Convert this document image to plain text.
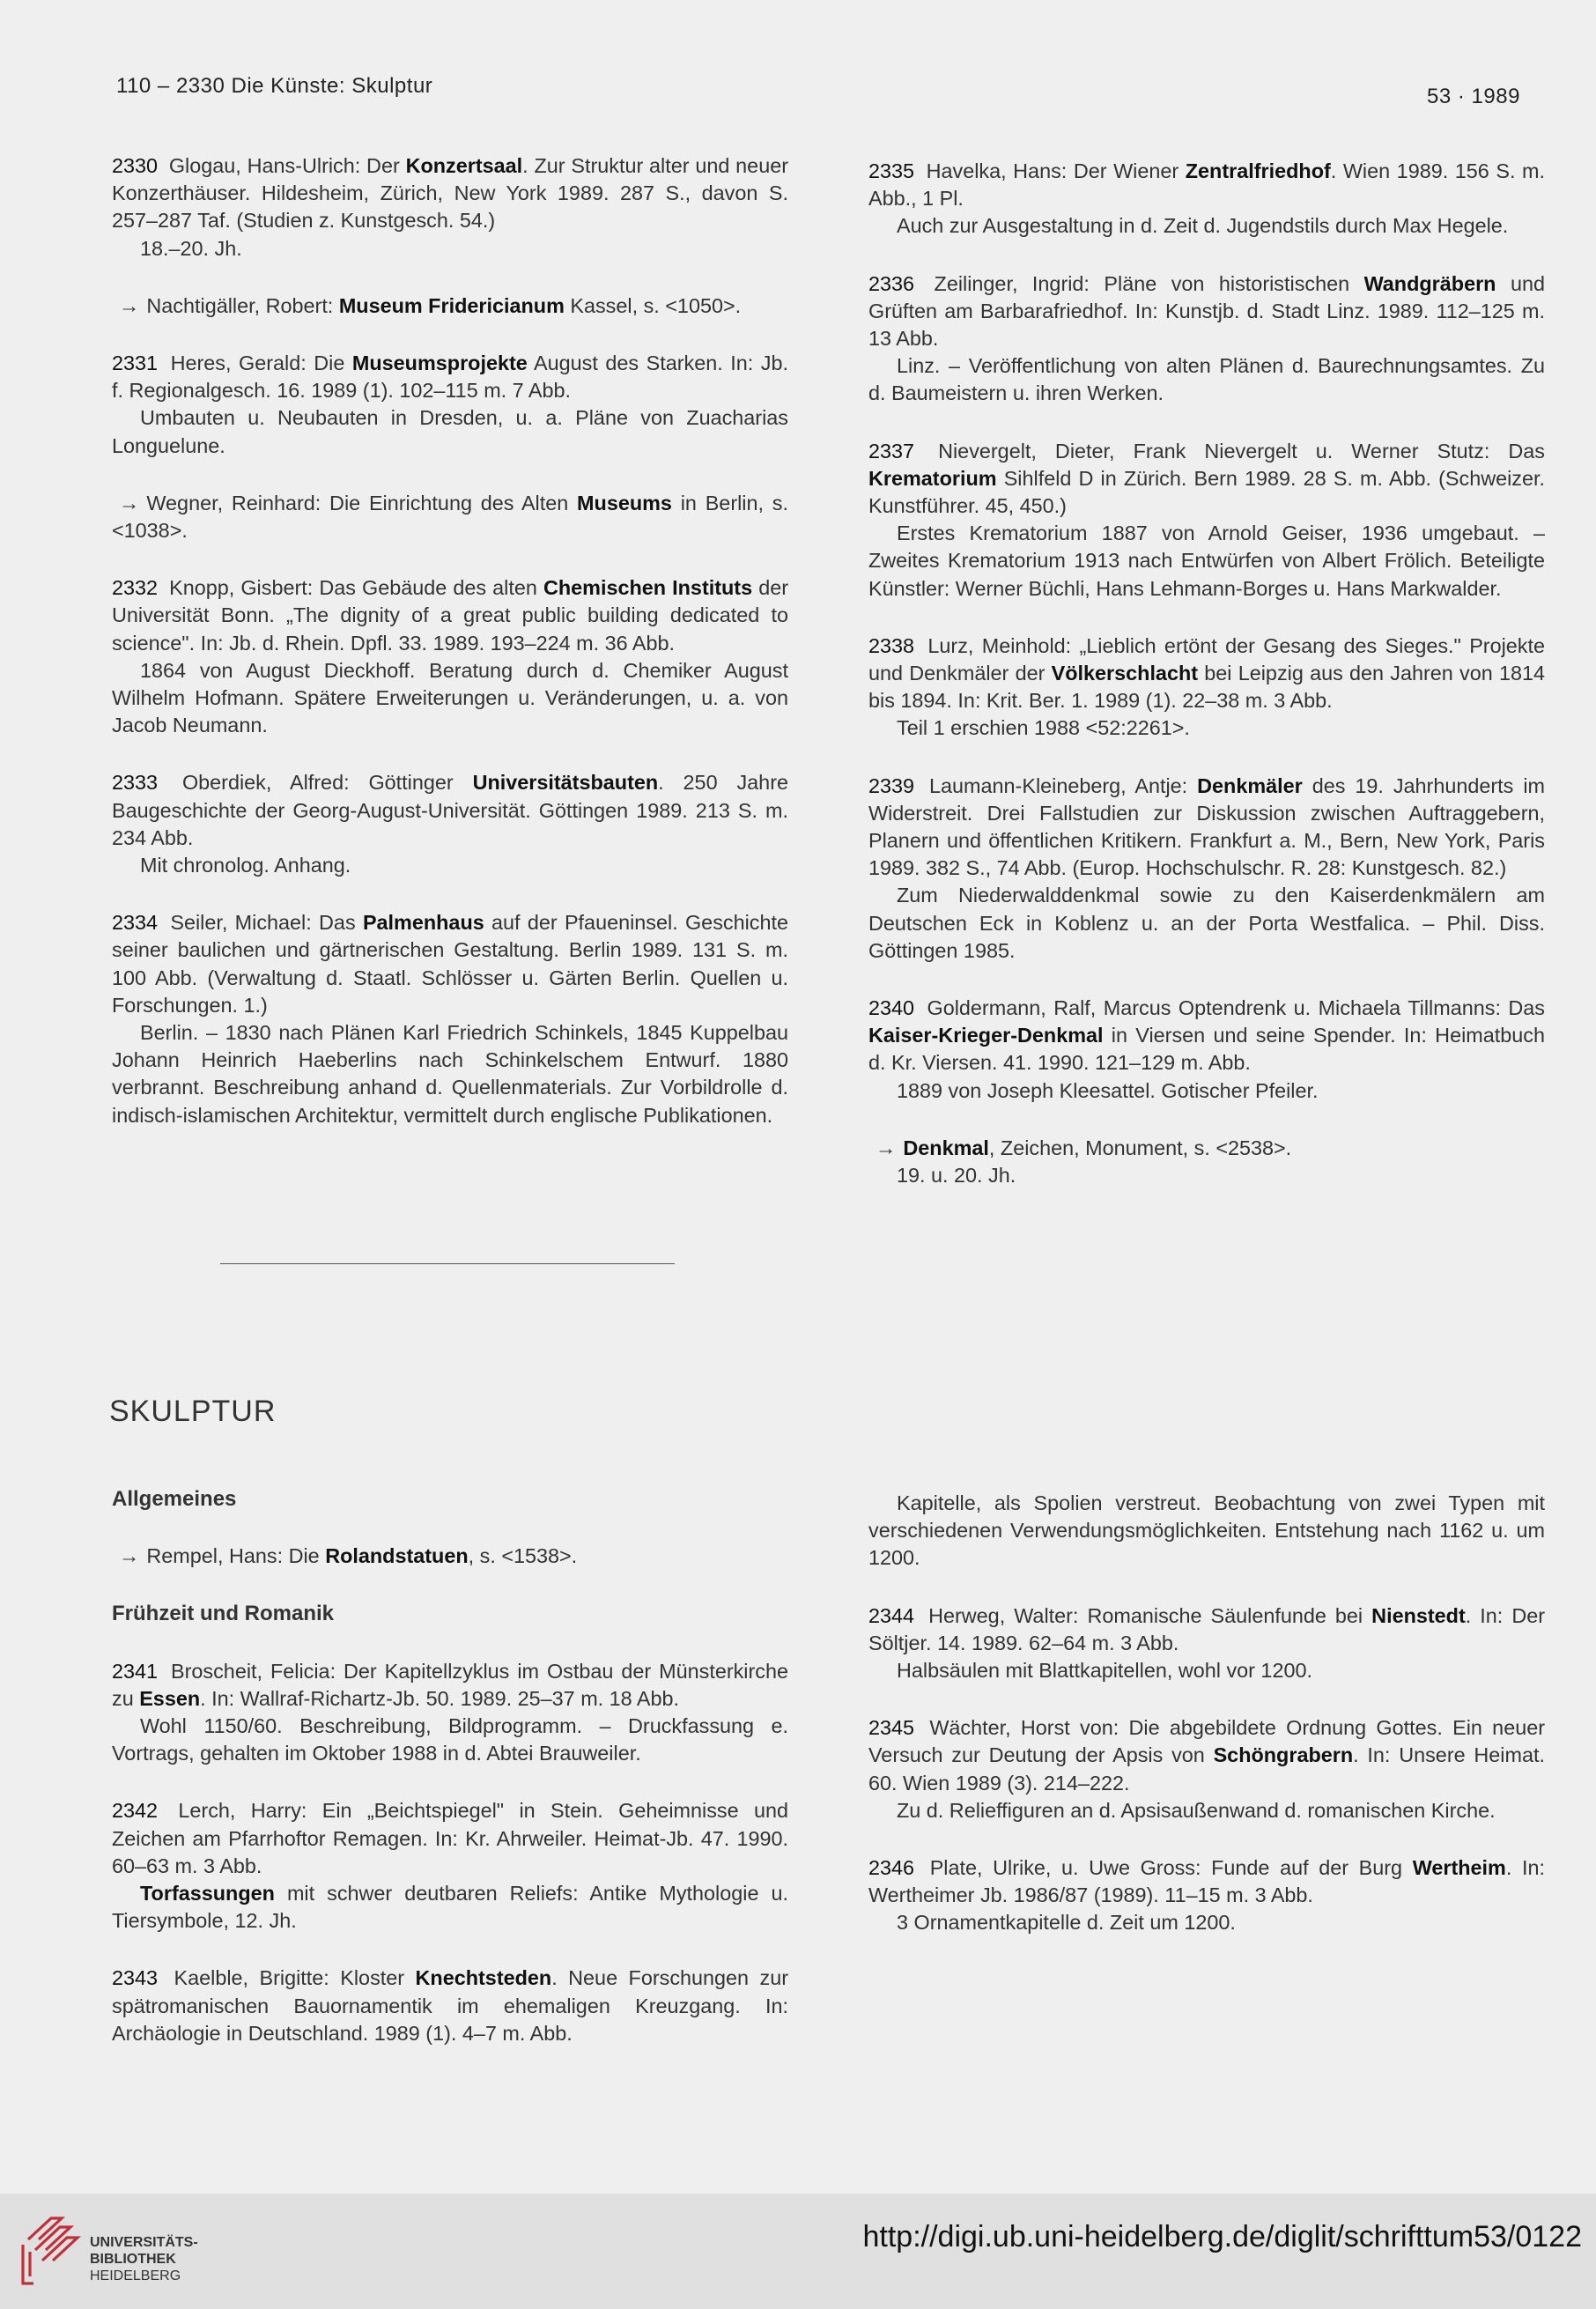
110 – 2330 Die Künste: Skulptur	53 · 1989

2330 Glogau, Hans-Ulrich: Der Konzertsaal. Zur Struktur alter und neuer Konzerthäuser. Hildesheim, Zürich, New York 1989. 287 S., davon S. 257–287 Taf. (Studien z. Kunstgesch. 54.)

18.–20. Jh.

→ Nachtigäller, Robert: Museum Fridericianum Kassel, s. <1050>.

2331 Heres, Gerald: Die Museumsprojekte August des Starken. In: Jb. f. Regionalgesch. 16. 1989 (1). 102–115 m. 7 Abb.

Umbauten u. Neubauten in Dresden, u. a. Pläne von Zuacharias Longuelune.

→ Wegner, Reinhard: Die Einrichtung des Alten Museums in Berlin, s. <1038>.

2332 Knopp, Gisbert: Das Gebäude des alten Chemischen Instituts der Universität Bonn. „The dignity of a great public building dedicated to science". In: Jb. d. Rhein. Dpfl. 33. 1989. 193–224 m. 36 Abb.

1864 von August Dieckhoff. Beratung durch d. Chemiker August Wilhelm Hofmann. Spätere Erweiterungen u. Veränderungen, u. a. von Jacob Neumann.

2333 Oberdiek, Alfred: Göttinger Universitätsbauten. 250 Jahre Baugeschichte der Georg-August-Universität. Göttingen 1989. 213 S. m. 234 Abb.

Mit chronolog. Anhang.

2334 Seiler, Michael: Das Palmenhaus auf der Pfaueninsel. Geschichte seiner baulichen und gärtnerischen Gestaltung. Berlin 1989. 131 S. m. 100 Abb. (Verwaltung d. Staatl. Schlösser u. Gärten Berlin. Quellen u. Forschungen. 1.)

Berlin. – 1830 nach Plänen Karl Friedrich Schinkels, 1845 Kuppelbau Johann Heinrich Haeberlins nach Schinkelschem Entwurf. 1880 verbrannt. Beschreibung anhand d. Quellenmaterials. Zur Vorbildrolle d. indisch-islamischen Architektur, vermittelt durch englische Publikationen.

2335 Havelka, Hans: Der Wiener Zentralfriedhof. Wien 1989. 156 S. m. Abb., 1 Pl.

Auch zur Ausgestaltung in d. Zeit d. Jugendstils durch Max Hegele.

2336 Zeilinger, Ingrid: Pläne von historistischen Wandgräbern und Grüften am Barbarafriedhof. In: Kunstjb. d. Stadt Linz. 1989. 112–125 m. 13 Abb.

Linz. – Veröffentlichung von alten Plänen d. Baurechnungsamtes. Zu d. Baumeistern u. ihren Werken.

2337 Nievergelt, Dieter, Frank Nievergelt u. Werner Stutz: Das Krematorium Sihlfeld D in Zürich. Bern 1989. 28 S. m. Abb. (Schweizer. Kunstführer. 45, 450.)

Erstes Krematorium 1887 von Arnold Geiser, 1936 umgebaut. – Zweites Krematorium 1913 nach Entwürfen von Albert Frölich. Beteiligte Künstler: Werner Büchli, Hans Lehmann-Borges u. Hans Markwalder.

2338 Lurz, Meinhold: „Lieblich ertönt der Gesang des Sieges." Projekte und Denkmäler der Völkerschlacht bei Leipzig aus den Jahren von 1814 bis 1894. In: Krit. Ber. 1. 1989 (1). 22–38 m. 3 Abb.

Teil 1 erschien 1988 <52:2261>.

2339 Laumann-Kleineberg, Antje: Denkmäler des 19. Jahrhunderts im Widerstreit. Drei Fallstudien zur Diskussion zwischen Auftraggebern, Planern und öffentlichen Kritikern. Frankfurt a. M., Bern, New York, Paris 1989. 382 S., 74 Abb. (Europ. Hochschulschr. R. 28: Kunstgesch. 82.)

Zum Niederwalddenkmal sowie zu den Kaiserdenkmälern am Deutschen Eck in Koblenz u. an der Porta Westfalica. – Phil. Diss. Göttingen 1985.

2340 Goldermann, Ralf, Marcus Optendrenk u. Michaela Tillmanns: Das Kaiser-Krieger-Denkmal in Viersen und seine Spender. In: Heimatbuch d. Kr. Viersen. 41. 1990. 121–129 m. Abb.

1889 von Joseph Kleesattel. Gotischer Pfeiler.

→ Denkmal, Zeichen, Monument, s. <2538>.

19. u. 20. Jh.

SKULPTUR
Allgemeines

→ Rempel, Hans: Die Rolandstatuen, s. <1538>.

Frühzeit und Romanik

2341 Broscheit, Felicia: Der Kapitellzyklus im Ostbau der Münsterkirche zu Essen. In: Wallraf-Richartz-Jb. 50. 1989. 25–37 m. 18 Abb.

Wohl 1150/60. Beschreibung, Bildprogramm. – Druckfassung e. Vortrags, gehalten im Oktober 1988 in d. Abtei Brauweiler.

2342 Lerch, Harry: Ein „Beichtspiegel" in Stein. Geheimnisse und Zeichen am Pfarrhoftor Remagen. In: Kr. Ahrweiler. Heimat-Jb. 47. 1990. 60–63 m. 3 Abb.

Torfassungen mit schwer deutbaren Reliefs: Antike Mythologie u. Tiersymbole, 12. Jh.

2343 Kaelble, Brigitte: Kloster Knechtsteden. Neue Forschungen zur spätromanischen Bauornamentik im ehemaligen Kreuzgang. In: Archäologie in Deutschland. 1989 (1). 4–7 m. Abb.

Kapitelle, als Spolien verstreut. Beobachtung von zwei Typen mit verschiedenen Verwendungsmöglichkeiten. Entstehung nach 1162 u. um 1200.

2344 Herweg, Walter: Romanische Säulenfunde bei Nienstedt. In: Der Söltjer. 14. 1989. 62–64 m. 3 Abb.

Halbsäulen mit Blattkapitellen, wohl vor 1200.

2345 Wächter, Horst von: Die abgebildete Ordnung Gottes. Ein neuer Versuch zur Deutung der Apsis von Schöngrabern. In: Unsere Heimat. 60. Wien 1989 (3). 214–222.

Zu d. Relieffiguren an d. Apsisaußenwand d. romanischen Kirche.

2346 Plate, Ulrike, u. Uwe Gross: Funde auf der Burg Wertheim. In: Wertheimer Jb. 1986/87 (1989). 11–15 m. 3 Abb.

3 Ornamentkapitelle d. Zeit um 1200.

UNIVERSITÄTS-
BIBLIOTHEK
HEIDELBERG
http://digi.ub.uni-heidelberg.de/diglit/schrifttum53/0122
